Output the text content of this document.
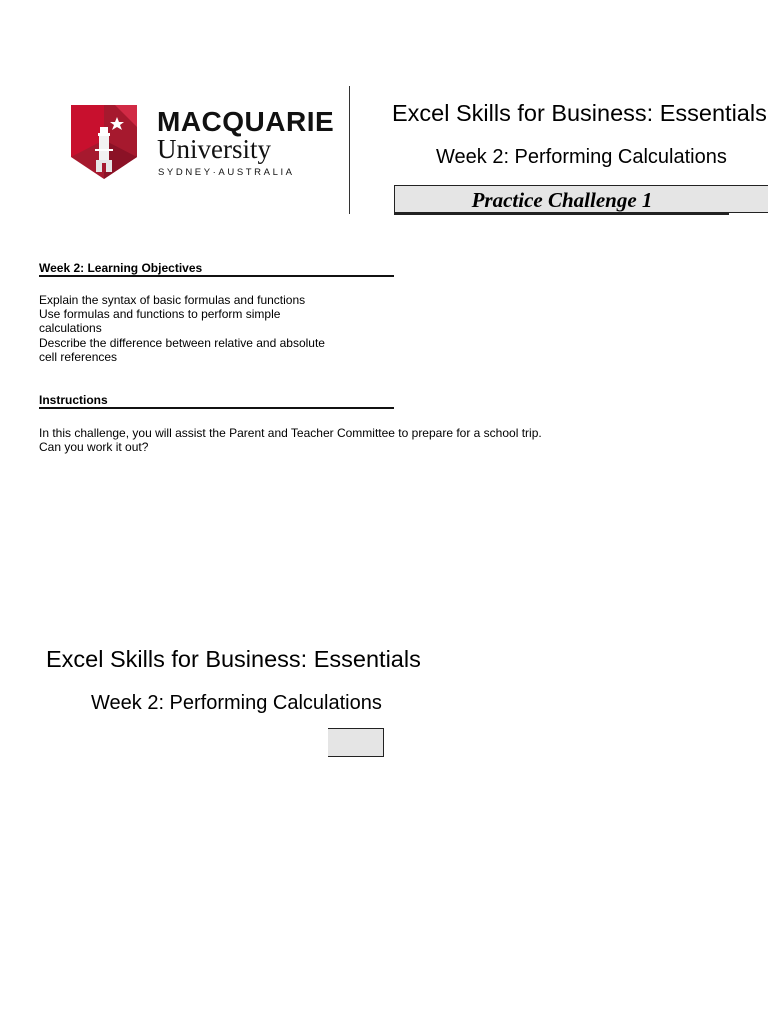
MACQUARIE
University
SYDNEY·AUSTRALIA
Excel Skills for Business: Essentials
Week 2: Performing Calculations
Practice Challenge 1
Week 2: Learning Objectives
Explain the syntax of basic formulas and functions
Use formulas and functions to perform simple
calculations
Describe the difference between relative and absolute
cell references
Instructions
In this challenge, you will assist the Parent and Teacher Committee to prepare for a school trip.
Can you work it out?
Excel Skills for Business: Essentials
Week 2: Performing Calculations
